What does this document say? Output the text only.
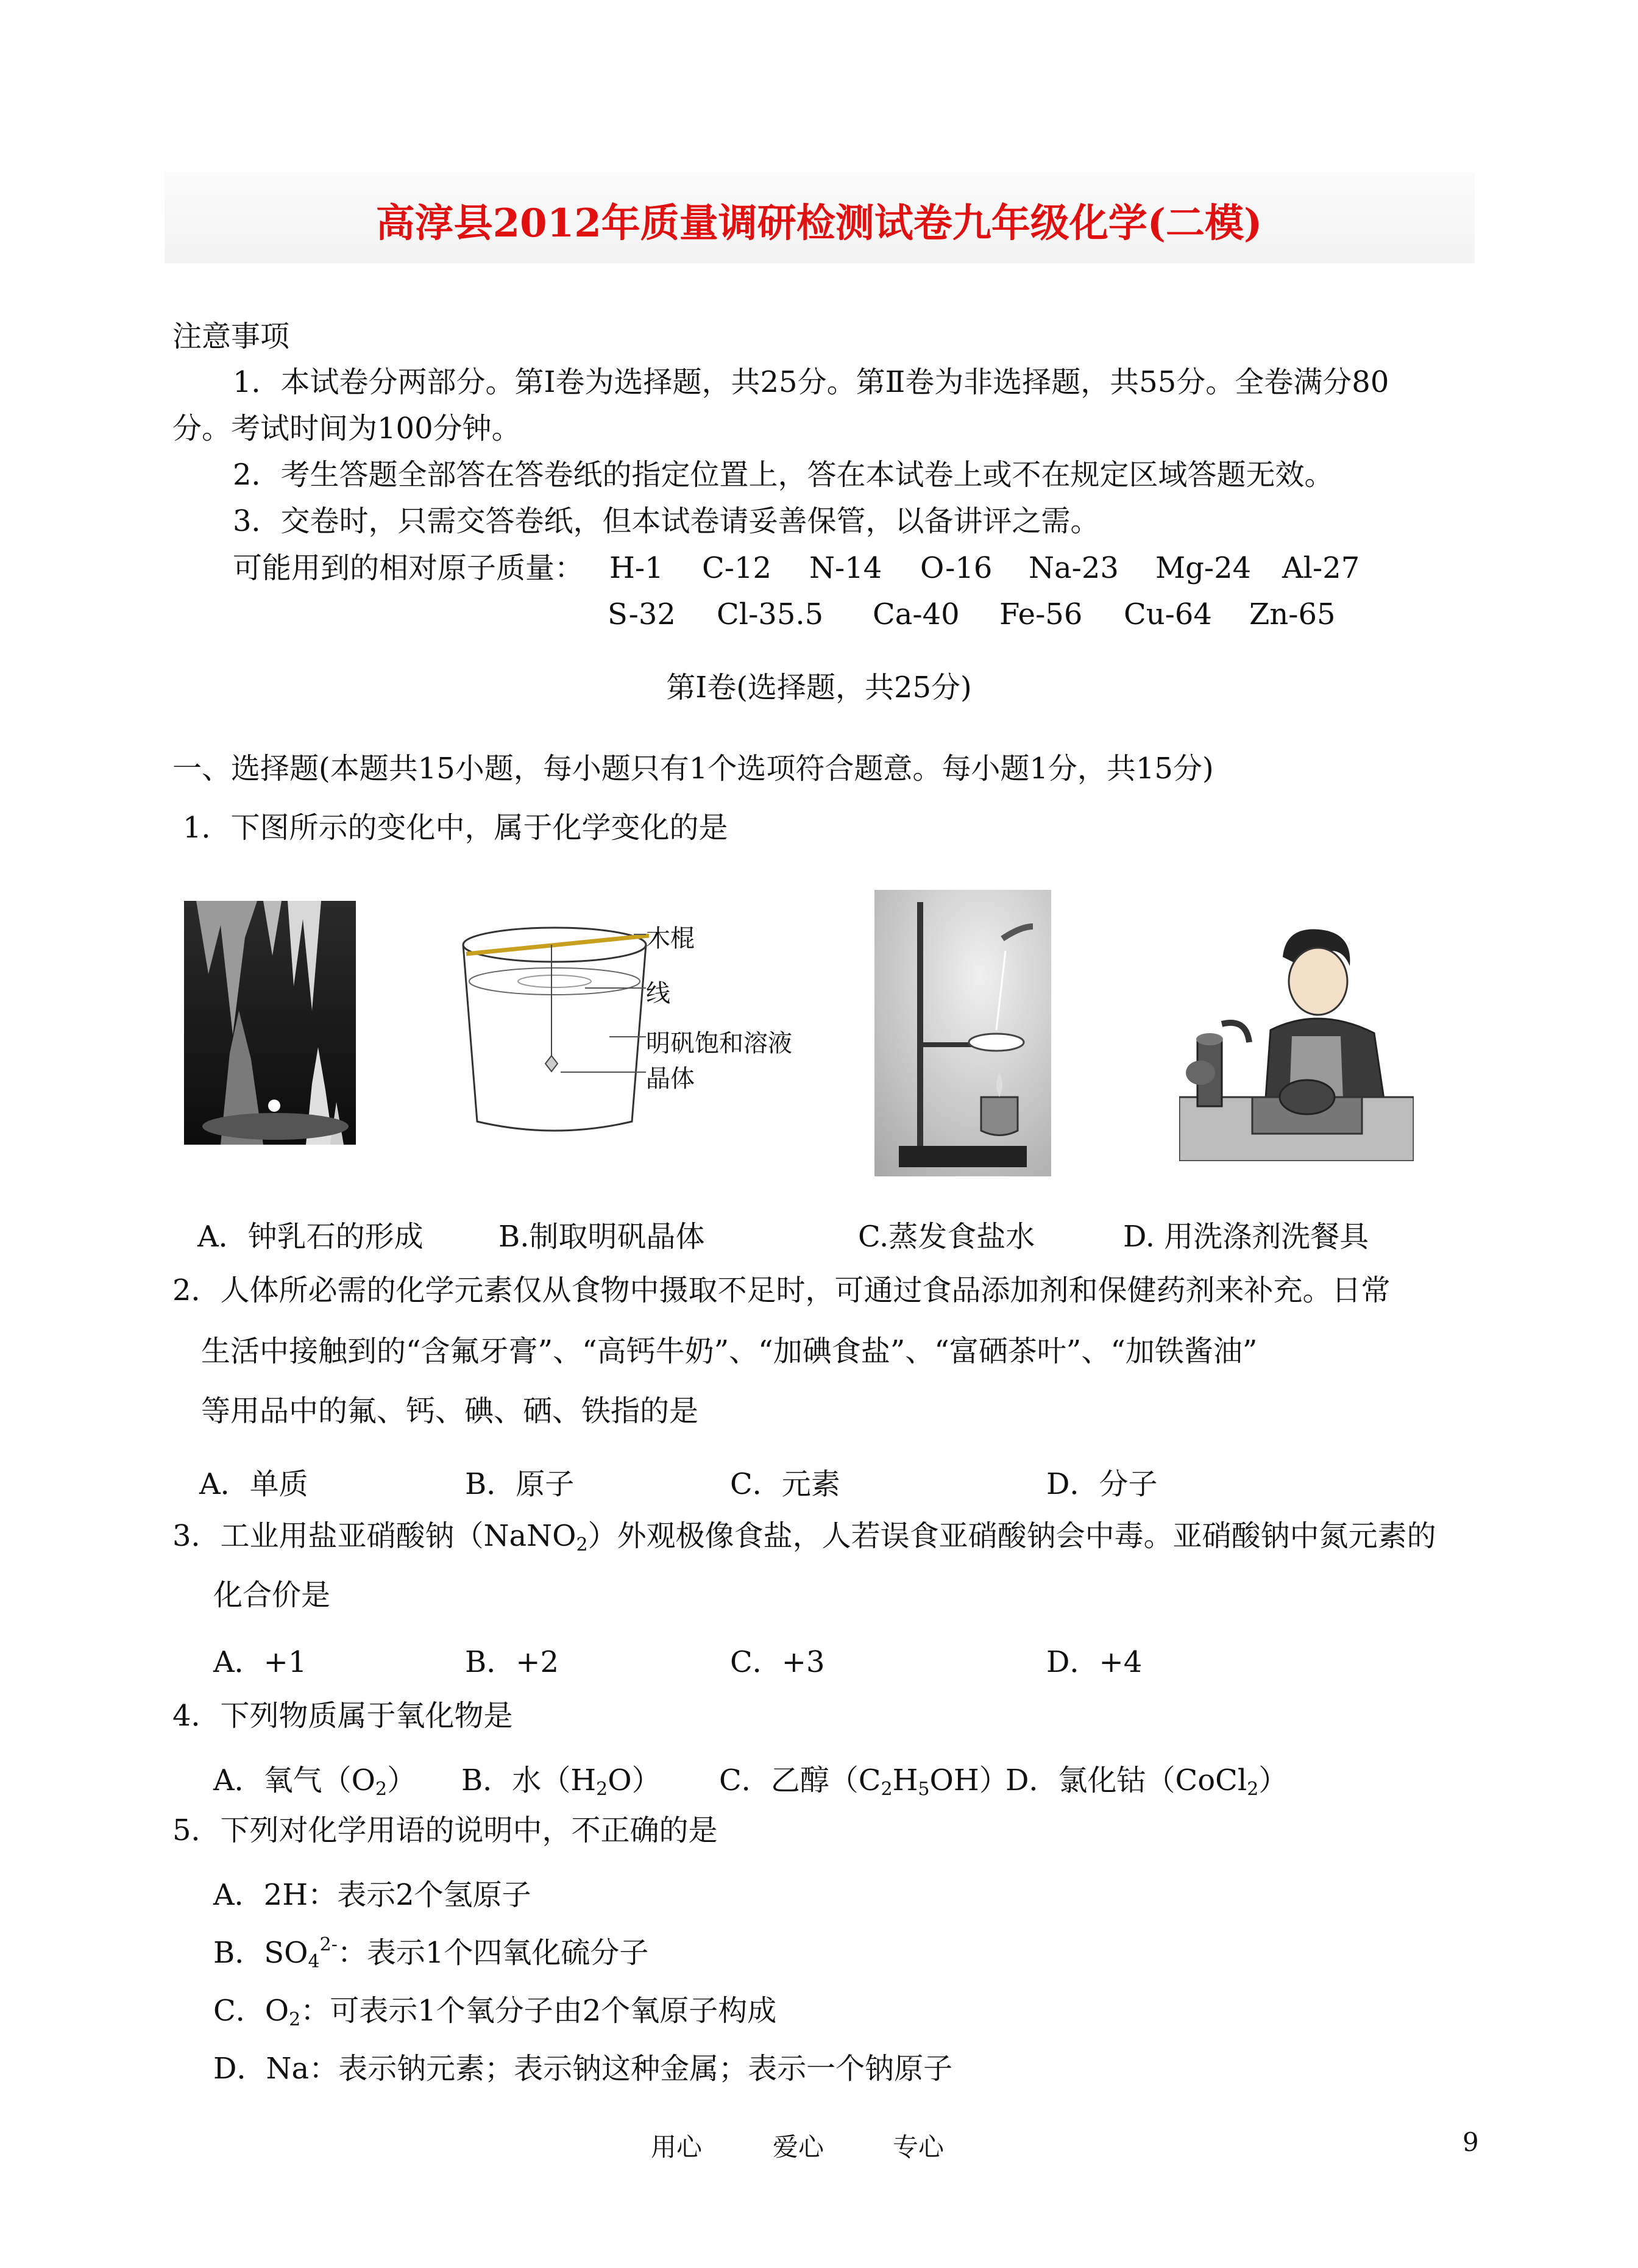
高淳县2012年质量调研检测试卷九年级化学(二模)
注意事项
1．本试卷分两部分。第Ⅰ卷为选择题，共25分。第Ⅱ卷为非选择题，共55分。全卷满分80
分。考试时间为100分钟。
2．考生答题全部答在答卷纸的指定位置上，答在本试卷上或不在规定区域答题无效。
3．交卷时，只需交答卷纸，但本试卷请妥善保管，以备讲评之需。
可能用到的相对原子质量： H-1 C-12 N-14 O-16 Na-23 Mg-24 Al-27
S-32 Cl-35.5 Ca-40 Fe-56 Cu-64 Zn-65
第Ⅰ卷(选择题，共25分)
一、选择题(本题共15小题，每小题只有1个选项符合题意。每小题1分，共15分)
1．下图所示的变化中，属于化学变化的是
木棍
线
明矾饱和溶液
晶体
A．钟乳石的形成	B.制取明矾晶体	C.蒸发食盐水	D. 用洗涤剂洗餐具
2．人体所必需的化学元素仅从食物中摄取不足时，可通过食品添加剂和保健药剂来补充。日常
生活中接触到的“含氟牙膏”、“高钙牛奶”、“加碘食盐”、“富硒茶叶”、“加铁酱油”
等用品中的氟、钙、碘、硒、铁指的是
A．单质	B．原子	C．元素	D．分子
3．工业用盐亚硝酸钠（NaNO$_2$）外观极像食盐，人若误食亚硝酸钠会中毒。亚硝酸钠中氮元素的
化合价是
A．+1	B．+2	C．+3	D．+4
4．下列物质属于氧化物是
A．氧气$(O_2)$ B．水$(H_2O)$ C．乙醇$(C_2H_5OH)$
D．氯化钴（CoCl$_2$）
5．下列对化学用语的说明中，不正确的是
A．2H：表示2个氢原子
B．$SO_4^{2-}$：表示1个四氧化硫分子
C．$O_2$：可表示1个氧分子由2个氧原子构成
D．Na：表示钠元素；表示钠这种金属；表示一个钠原子
用心	爱心	专心	9
